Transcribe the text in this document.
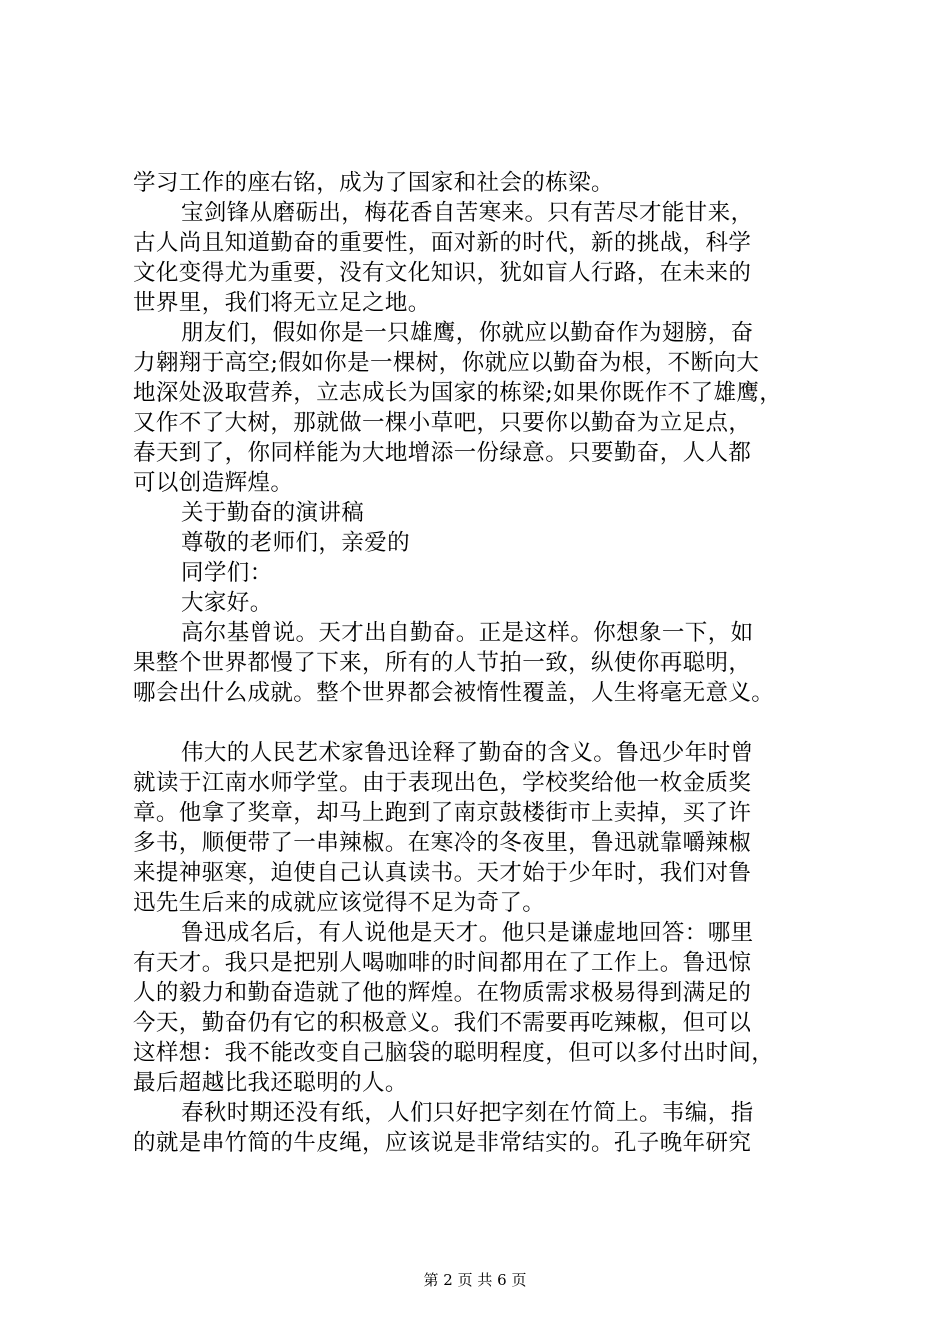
学习工作的座右铭，成为了国家和社会的栋梁。
宝剑锋从磨砺出，梅花香自苦寒来。只有苦尽才能甘来，
古人尚且知道勤奋的重要性，面对新的时代，新的挑战，科学
文化变得尤为重要，没有文化知识，犹如盲人行路，在未来的
世界里，我们将无立足之地。
朋友们，假如你是一只雄鹰，你就应以勤奋作为翅膀，奋
力翱翔于高空;假如你是一棵树，你就应以勤奋为根，不断向大
地深处汲取营养，立志成长为国家的栋梁;如果你既作不了雄鹰，
又作不了大树，那就做一棵小草吧，只要你以勤奋为立足点，
春天到了，你同样能为大地增添一份绿意。只要勤奋，人人都
可以创造辉煌。
关于勤奋的演讲稿
尊敬的老师们，亲爱的
同学们：
大家好。
高尔基曾说。天才出自勤奋。正是这样。你想象一下，如
果整个世界都慢了下来，所有的人节拍一致，纵使你再聪明，
哪会出什么成就。整个世界都会被惰性覆盖，人生将毫无意义。
伟大的人民艺术家鲁迅诠释了勤奋的含义。鲁迅少年时曾
就读于江南水师学堂。由于表现出色，学校奖给他一枚金质奖
章。他拿了奖章，却马上跑到了南京鼓楼街市上卖掉，买了许
多书，顺便带了一串辣椒。在寒冷的冬夜里，鲁迅就靠嚼辣椒
来提神驱寒，迫使自己认真读书。天才始于少年时，我们对鲁
迅先生后来的成就应该觉得不足为奇了。
鲁迅成名后，有人说他是天才。他只是谦虚地回答：哪里
有天才。我只是把别人喝咖啡的时间都用在了工作上。鲁迅惊
人的毅力和勤奋造就了他的辉煌。在物质需求极易得到满足的
今天，勤奋仍有它的积极意义。我们不需要再吃辣椒，但可以
这样想：我不能改变自己脑袋的聪明程度，但可以多付出时间，
最后超越比我还聪明的人。
春秋时期还没有纸，人们只好把字刻在竹简上。韦编，指
的就是串竹简的牛皮绳，应该说是非常结实的。孔子晚年研究
第 2 页 共 6 页
